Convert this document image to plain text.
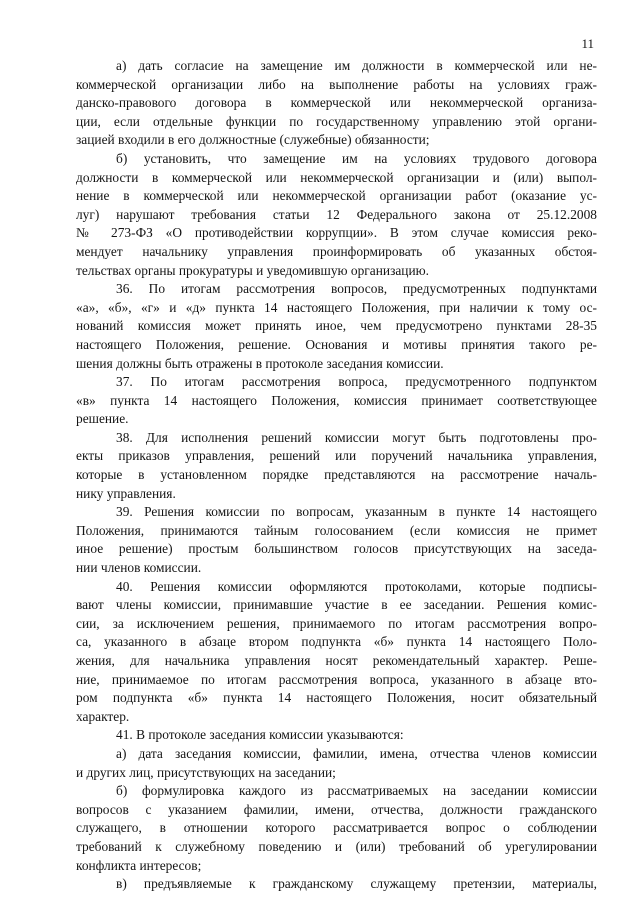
11
а) дать согласие на замещение им должности в коммерческой или не-
коммерческой организации либо на выполнение работы на условиях граж-
данско-правового договора в коммерческой или некоммерческой организа-
ции, если отдельные функции по государственному управлению этой органи-
зацией входили в его должностные (служебные) обязанности;
б) установить, что замещение им на условиях трудового договора
должности в коммерческой или некоммерческой организации и (или) выпол-
нение в коммерческой или некоммерческой организации работ (оказание ус-
луг) нарушают требования статьи 12 Федерального закона от 25.12.2008
№ 273-ФЗ «О противодействии коррупции». В этом случае комиссия реко-
мендует начальнику управления проинформировать об указанных обстоя-
тельствах органы прокуратуры и уведомившую организацию.
36. По итогам рассмотрения вопросов, предусмотренных подпунктами
«а», «б», «г» и «д» пункта 14 настоящего Положения, при наличии к тому ос-
нований комиссия может принять иное, чем предусмотрено пунктами 28-35
настоящего Положения, решение. Основания и мотивы принятия такого ре-
шения должны быть отражены в протоколе заседания комиссии.
37. По итогам рассмотрения вопроса, предусмотренного подпунктом
«в» пункта 14 настоящего Положения, комиссия принимает соответствующее
решение.
38. Для исполнения решений комиссии могут быть подготовлены про-
екты приказов управления, решений или поручений начальника управления,
которые в установленном порядке представляются на рассмотрение началь-
нику управления.
39. Решения комиссии по вопросам, указанным в пункте 14 настоящего
Положения, принимаются тайным голосованием (если комиссия не примет
иное решение) простым большинством голосов присутствующих на заседа-
нии членов комиссии.
40. Решения комиссии оформляются протоколами, которые подписы-
вают члены комиссии, принимавшие участие в ее заседании. Решения комис-
сии, за исключением решения, принимаемого по итогам рассмотрения вопро-
са, указанного в абзаце втором подпункта «б» пункта 14 настоящего Поло-
жения, для начальника управления носят рекомендательный характер. Реше-
ние, принимаемое по итогам рассмотрения вопроса, указанного в абзаце вто-
ром подпункта «б» пункта 14 настоящего Положения, носит обязательный
характер.
41. В протоколе заседания комиссии указываются:
а) дата заседания комиссии, фамилии, имена, отчества членов комиссии
и других лиц, присутствующих на заседании;
б) формулировка каждого из рассматриваемых на заседании комиссии
вопросов с указанием фамилии, имени, отчества, должности гражданского
служащего, в отношении которого рассматривается вопрос о соблюдении
требований к служебному поведению и (или) требований об урегулировании
конфликта интересов;
в) предъявляемые к гражданскому служащему претензии, материалы,
